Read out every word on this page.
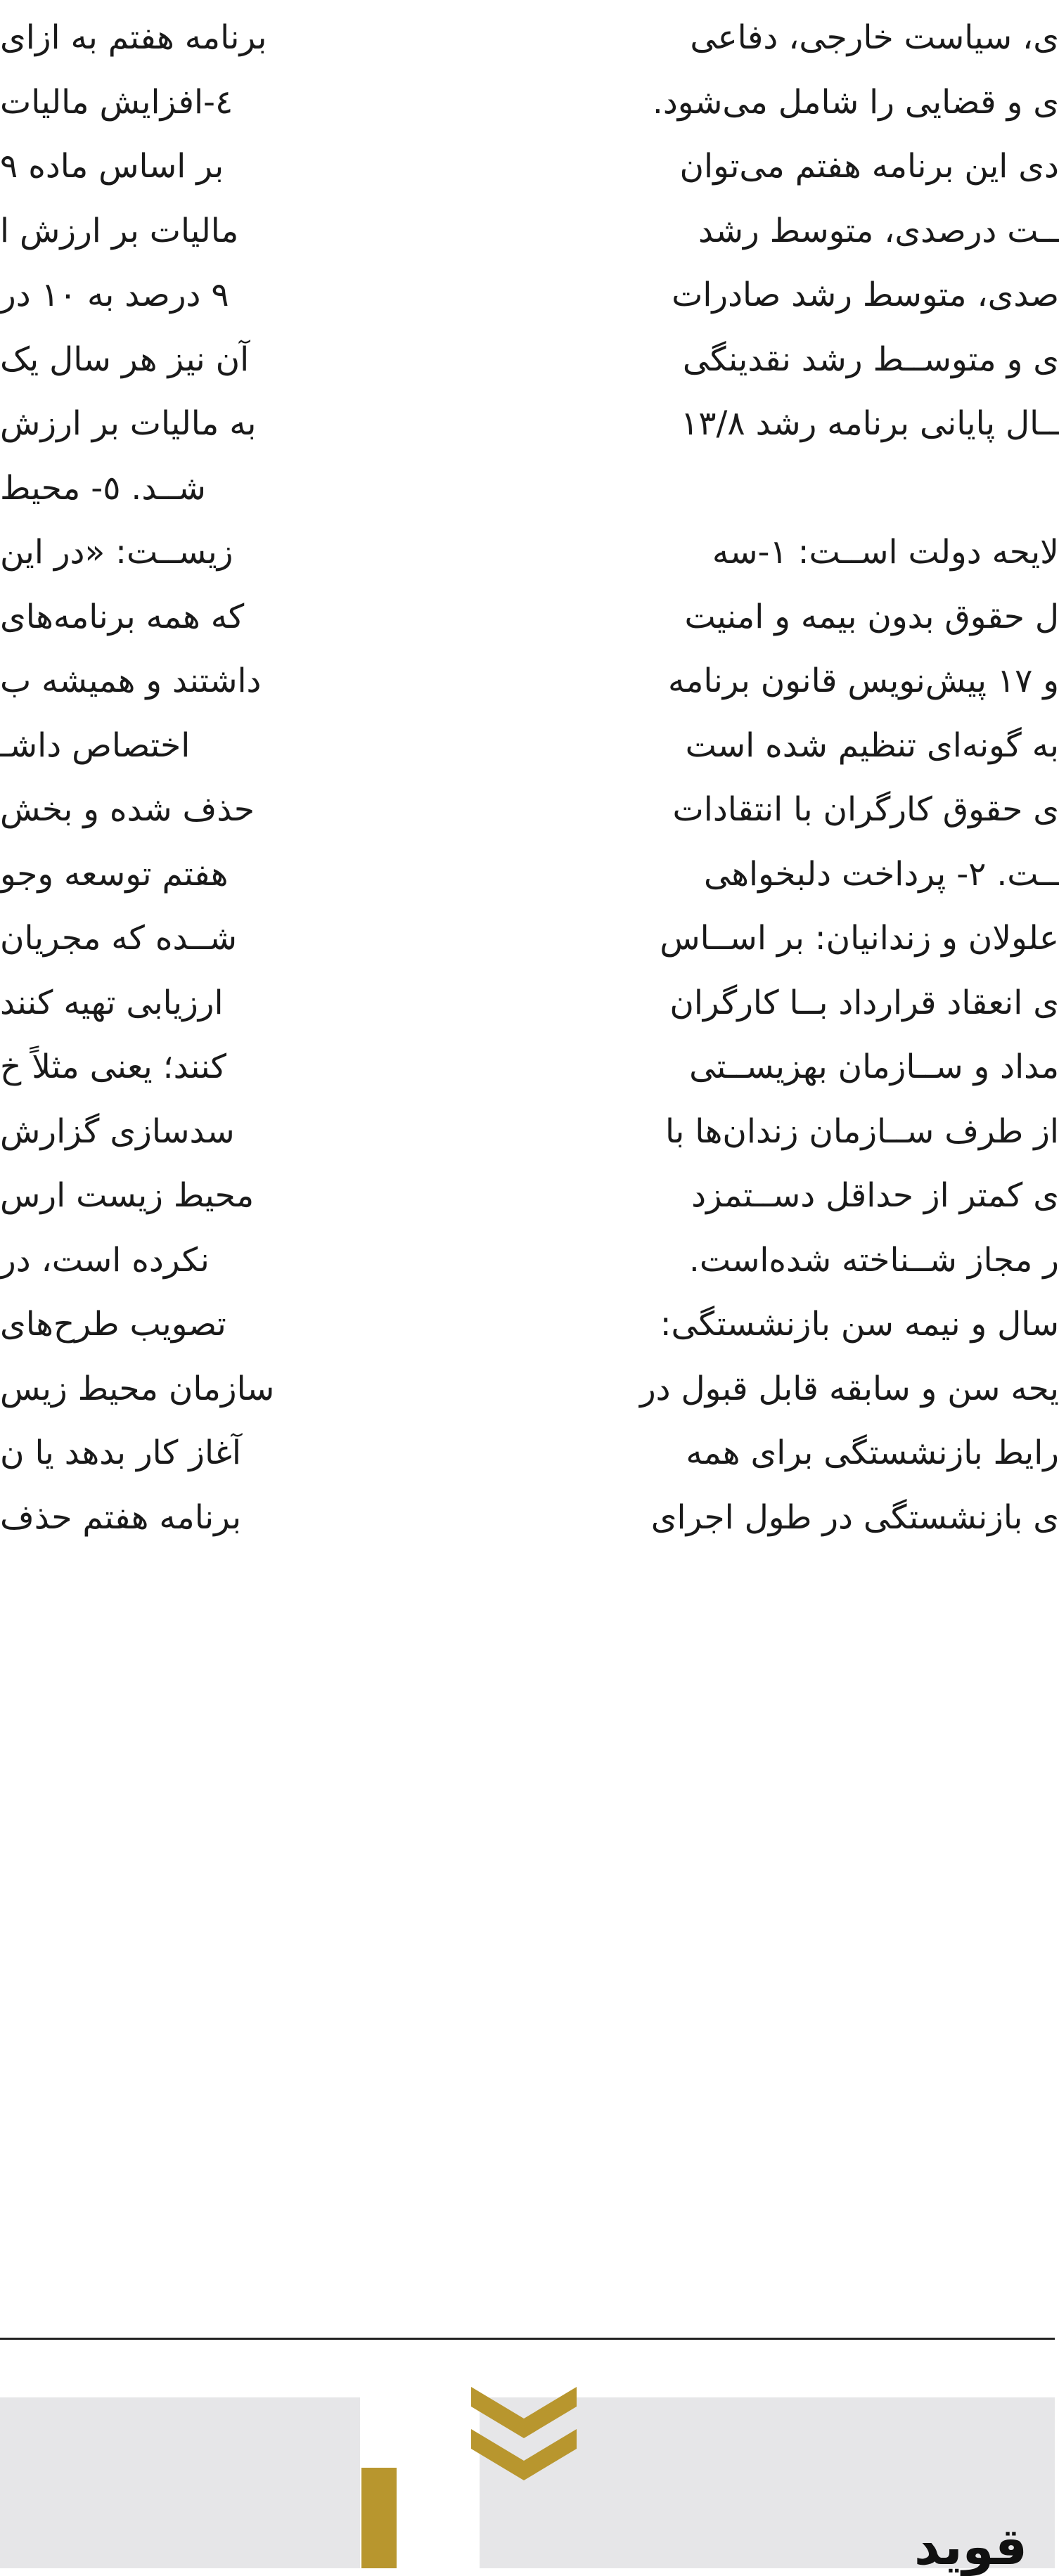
برنامه هفتم به ازای
٤-افزایش مالیات
بر اساس ماده ٩
مالیات بر ارزش ا
٩ درصد به ١٠ در
آن نیز هر سال یک
به مالیات بر ارزش
شــد. ٥- محیط
زیســت: «در این
که همه برنامه‌های
داشتند و همیشه ب
اختصاص داشـ
حذف شده و بخش
هفتم توسعه وجو
شــده که مجریان
ارزیابی تهیه کنند
کنند؛ یعنی مثلاً خ
سدسازی گزارش
محیط زیست ارس
نکرده است، در
تصویب طرح‌های
سازمان محیط زیس
آغاز کار بدهد یا ن
برنامه هفتم حذف
ی، سیاست خارجی، دفاعی
ی و قضایی را شامل می‌شود.
دی این برنامه هفتم می‌توان
ــت درصدی، متوسط رشد
صدی، متوسط رشد صادرات
ی و متوســط رشد نقدینگی
ــال پایانی برنامه رشد ١٣/٨
لایحه دولت اســت: ١-سه
ل حقوق بدون بیمه و امنیت
و ١٧ پیش‌نویس قانون برنامه
به گونه‌ای تنظیم شده است
ی حقوق کارگران با انتقادات
ــت. ٢- پرداخت دلبخواهی
علولان و زندانیان: بر اســاس
ی انعقاد قرارداد بــا کارگران
مداد و ســازمان بهزیســتی
از طرف ســازمان زندان‌ها با
ی کمتر از حداقل دســتمزد
ر مجاز شــناخته شده‌است.
سال و نیمه سن بازنشستگی:
یحه سن و سابقه قابل قبول در
رایط بازنشستگی برای همه
ی بازنشستگی در طول اجرای
قوید
